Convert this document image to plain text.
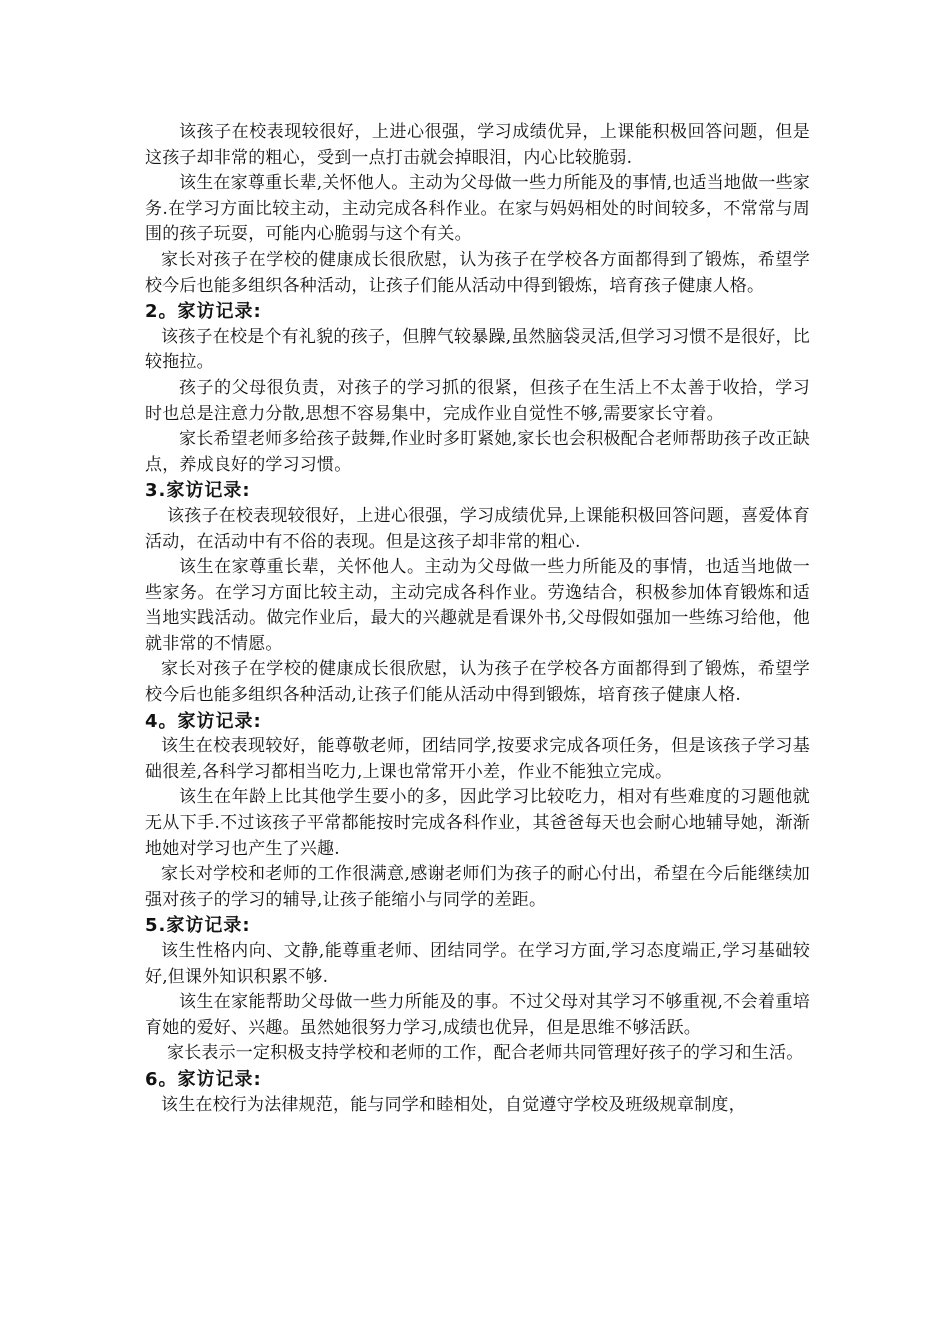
该孩子在校表现较很好，上进心很强，学习成绩优异，上课能积极回答问题，但是这孩子却非常的粗心，受到一点打击就会掉眼泪，内心比较脆弱.

该生在家尊重长辈,关怀他人。主动为父母做一些力所能及的事情,也适当地做一些家务.在学习方面比较主动，主动完成各科作业。在家与妈妈相处的时间较多，不常常与周围的孩子玩耍，可能内心脆弱与这个有关。

家长对孩子在学校的健康成长很欣慰，认为孩子在学校各方面都得到了锻炼，希望学校今后也能多组织各种活动，让孩子们能从活动中得到锻炼，培育孩子健康人格。

2。家访记录:

该孩子在校是个有礼貌的孩子，但脾气较暴躁,虽然脑袋灵活,但学习习惯不是很好，比较拖拉。

孩子的父母很负责，对孩子的学习抓的很紧，但孩子在生活上不太善于收拾，学习时也总是注意力分散,思想不容易集中，完成作业自觉性不够,需要家长守着。

家长希望老师多给孩子鼓舞,作业时多盯紧她,家长也会积极配合老师帮助孩子改正缺点，养成良好的学习习惯。

3.家访记录:

该孩子在校表现较很好，上进心很强，学习成绩优异,上课能积极回答问题，喜爱体育活动，在活动中有不俗的表现。但是这孩子却非常的粗心.

该生在家尊重长辈，关怀他人。主动为父母做一些力所能及的事情，也适当地做一些家务。在学习方面比较主动，主动完成各科作业。劳逸结合，积极参加体育锻炼和适当地实践活动。做完作业后，最大的兴趣就是看课外书,父母假如强加一些练习给他，他就非常的不情愿。

家长对孩子在学校的健康成长很欣慰，认为孩子在学校各方面都得到了锻炼，希望学校今后也能多组织各种活动,让孩子们能从活动中得到锻炼，培育孩子健康人格.

4。家访记录:

该生在校表现较好，能尊敬老师，团结同学,按要求完成各项任务，但是该孩子学习基础很差,各科学习都相当吃力,上课也常常开小差，作业不能独立完成。

该生在年龄上比其他学生要小的多，因此学习比较吃力，相对有些难度的习题他就无从下手.不过该孩子平常都能按时完成各科作业，其爸爸每天也会耐心地辅导她，渐渐地她对学习也产生了兴趣.

家长对学校和老师的工作很满意,感谢老师们为孩子的耐心付出，希望在今后能继续加强对孩子的学习的辅导,让孩子能缩小与同学的差距。

5.家访记录:

该生性格内向、文静,能尊重老师、团结同学。在学习方面,学习态度端正,学习基础较好,但课外知识积累不够.

该生在家能帮助父母做一些力所能及的事。不过父母对其学习不够重视,不会着重培育她的爱好、兴趣。虽然她很努力学习,成绩也优异，但是思维不够活跃。

家长表示一定积极支持学校和老师的工作，配合老师共同管理好孩子的学习和生活。

6。家访记录:

该生在校行为法律规范，能与同学和睦相处，自觉遵守学校及班级规章制度，
